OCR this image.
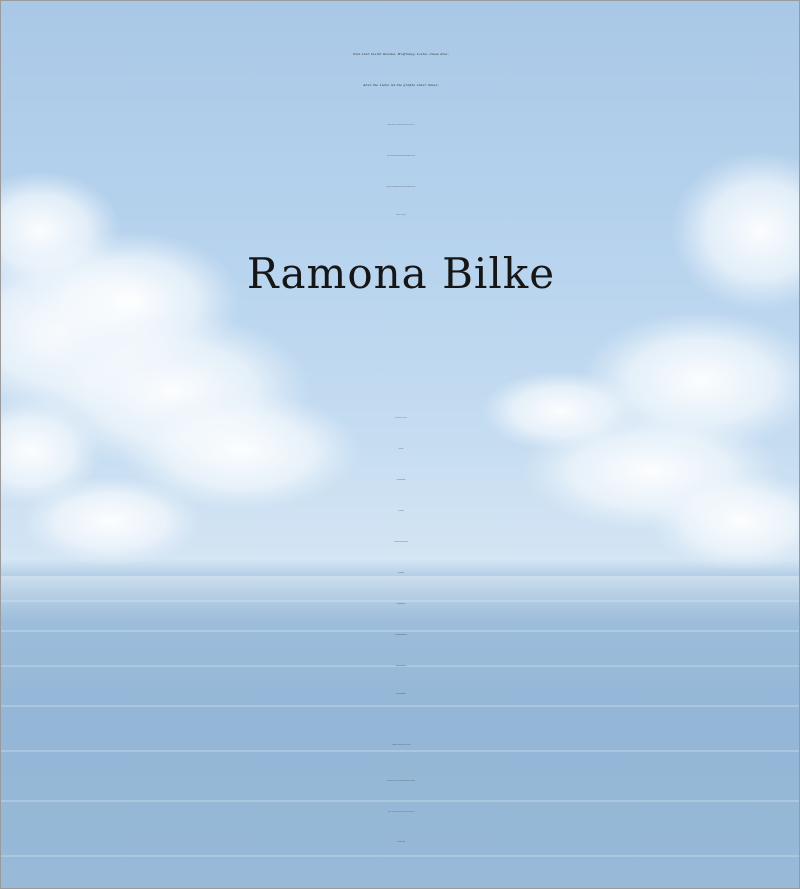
Nun aber bleibt Glaube, Hoffnung, Liebe, diese drei:
Aber die Liebe ist die größte unter ihnen.
Traurig nehmen wir Abschied von meiner lieben Frau,
unserer herzensguten Mutti, Schwiegermutter und Oma,
Tochter, Schwiegertochter, Schwester, Schwägerin, Tante,
Cousine und Nichte
Ramona Bilke
In liebevoller Erinnerung:
Hettstedt, Heiligenthal, im Juni 2016
Die Trauerfeier und Urnenbeisetzung finden am Freitag,
dem 17. Juni 2016, um 14.00 Uhr auf dem Friedhof in
Heiligenthal statt.
